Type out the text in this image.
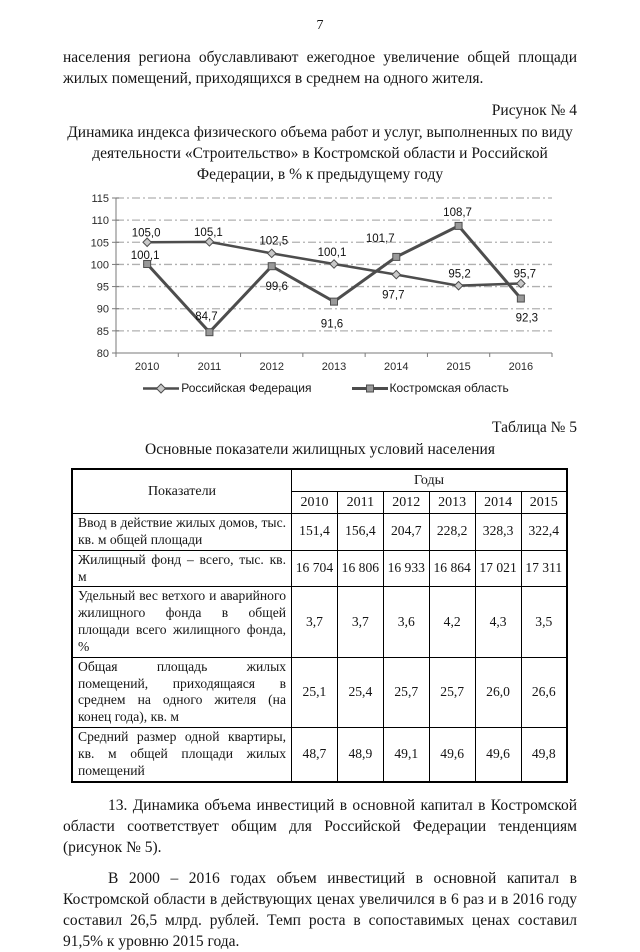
7
населения региона обуславливают ежегодное увеличение общей площади жилых помещений, приходящихся в среднем на одного жителя.
Рисунок № 4
Динамика индекса физического объема работ и услуг, выполненных по виду деятельности «Строительство» в Костромской области и Российской Федерации, в % к предыдущему году
80
85
90
95
100
105
110
115
2010	2011	2012	2013	2014	2015	2016
105,0	105,1
102,5
100,1
97,7
95,2	95,7
100,1
84,7
99,6
91,6
101,7
108,7
92,3
Российская Федерация	Костромская область
Таблица № 5
Основные показатели жилищных условий населения
Показатели	Годы					
	2010	2011	2012	2013	2014	2015
Ввод в действие жилых домов, тыс. кв. м общей площади	151,4	156,4	204,7	228,2	328,3	322,4
Жилищный фонд – всего, тыс. кв. м	16 704	16 806	16 933	16 864	17 021	17 311
Удельный вес ветхого и аварийного жилищного фонда в общей площади всего жилищного фонда, %	3,7	3,7	3,6	4,2	4,3	3,5
Общая площадь жилых помещений, приходящаяся в среднем на одного жителя (на конец года), кв. м	25,1	25,4	25,7	25,7	26,0	26,6
Средний размер одной квартиры, кв. м общей площади жилых помещений	48,7	48,9	49,1	49,6	49,6	49,8
13. Динамика объема инвестиций в основной капитал в Костромской области соответствует общим для Российской Федерации тенденциям (рисунок № 5).
В 2000 – 2016 годах объем инвестиций в основной капитал в Костромской области в действующих ценах увеличился в 6 раз и в 2016 году составил 26,5 млрд. рублей. Темп роста в сопоставимых ценах составил 91,5% к уровню 2015 года.
